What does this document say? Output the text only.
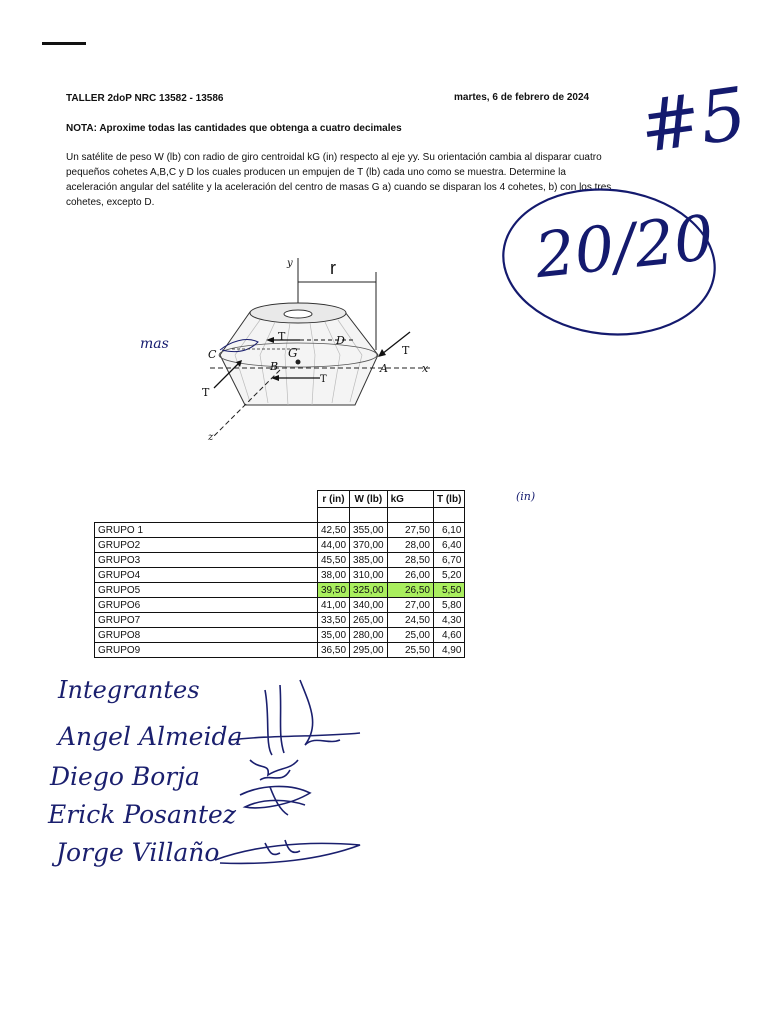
TALLER 2doP NRC 13582 - 13586	martes, 6 de febrero de 2024
NOTA: Aproxime todas las cantidades que obtenga a cuatro decimales
Un satélite de peso W (lb) con radio de giro centroidal kG (in) respecto al eje yy. Su orientación cambia al disparar cuatro pequeños cohetes A,B,C y D los cuales producen un empujen de T (lb) cada uno como se muestra. Determine la aceleración angular del satélite y la aceleración del centro de masas G a) cuando se disparan los 4 cohetes, b) con los tres cohetes, excepto D.
#5
20/20
(in)
mas
y r
T	D
T
C	G
B	A	x
T
T
z
	r (in)	W (lb)	kG	T (lb)

GRUPO 1	42,50	355,00	27,50	6,10
GRUPO2	44,00	370,00	28,00	6,40
GRUPO3	45,50	385,00	28,50	6,70
GRUPO4	38,00	310,00	26,00	5,20
GRUPO5	39,50	325,00	26,50	5,50
GRUPO6	41,00	340,00	27,00	5,80
GRUPO7	33,50	265,00	24,50	4,30
GRUPO8	35,00	280,00	25,00	4,60
GRUPO9	36,50	295,00	25,50	4,90
Integrantes
Angel Almeida
Diego Borja
Erick Posantez
Jorge Villaño
